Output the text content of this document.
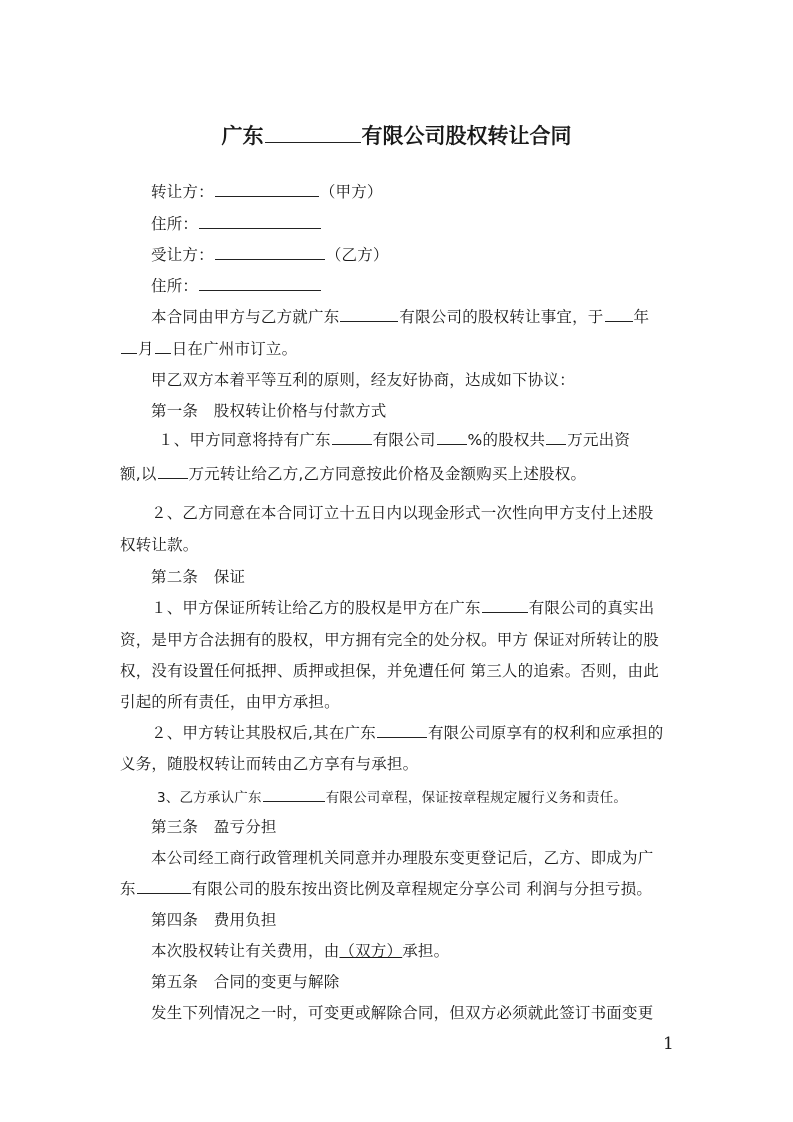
广东	有限公司股权转让合同
转让方：	（甲方）
住所：
受让方：	（乙方）
住所：
本合同由甲方与乙方就广东	有限公司的股权转让事宜，于 年
月 日在广州市订立。
甲乙双方本着平等互利的原则，经友好协商，达成如下协议：
第一条　股权转让价格与付款方式
１、甲方同意将持有广东	有限公司 %的股权共 万元出资
额,以 万元转让给乙方,乙方同意按此价格及金额购买上述股权。
２、乙方同意在本合同订立十五日内以现金形式一次性向甲方支付上述股
权转让款。
第二条　保证
１、甲方保证所转让给乙方的股权是甲方在广东	有限公司的真实出
资，是甲方合法拥有的股权，甲方拥有完全的处分权。甲方 保证对所转让的股
权，没有设置任何抵押、质押或担保，并免遭任何 第三人的追索。否则，由此
引起的所有责任，由甲方承担。
２、甲方转让其股权后,其在广东	有限公司原享有的权利和应承担的
义务，随股权转让而转由乙方享有与承担。
3、乙方承认广东	有限公司章程，保证按章程规定履行义务和责任。
第三条　盈亏分担
本公司经工商行政管理机关同意并办理股东变更登记后，乙方、即成为广
东	有限公司的股东按出资比例及章程规定分享公司 利润与分担亏损。
第四条　费用负担
本次股权转让有关费用，由（双方）承担。
第五条　合同的变更与解除
发生下列情况之一时，可变更或解除合同，但双方必须就此签订书面变更
1
